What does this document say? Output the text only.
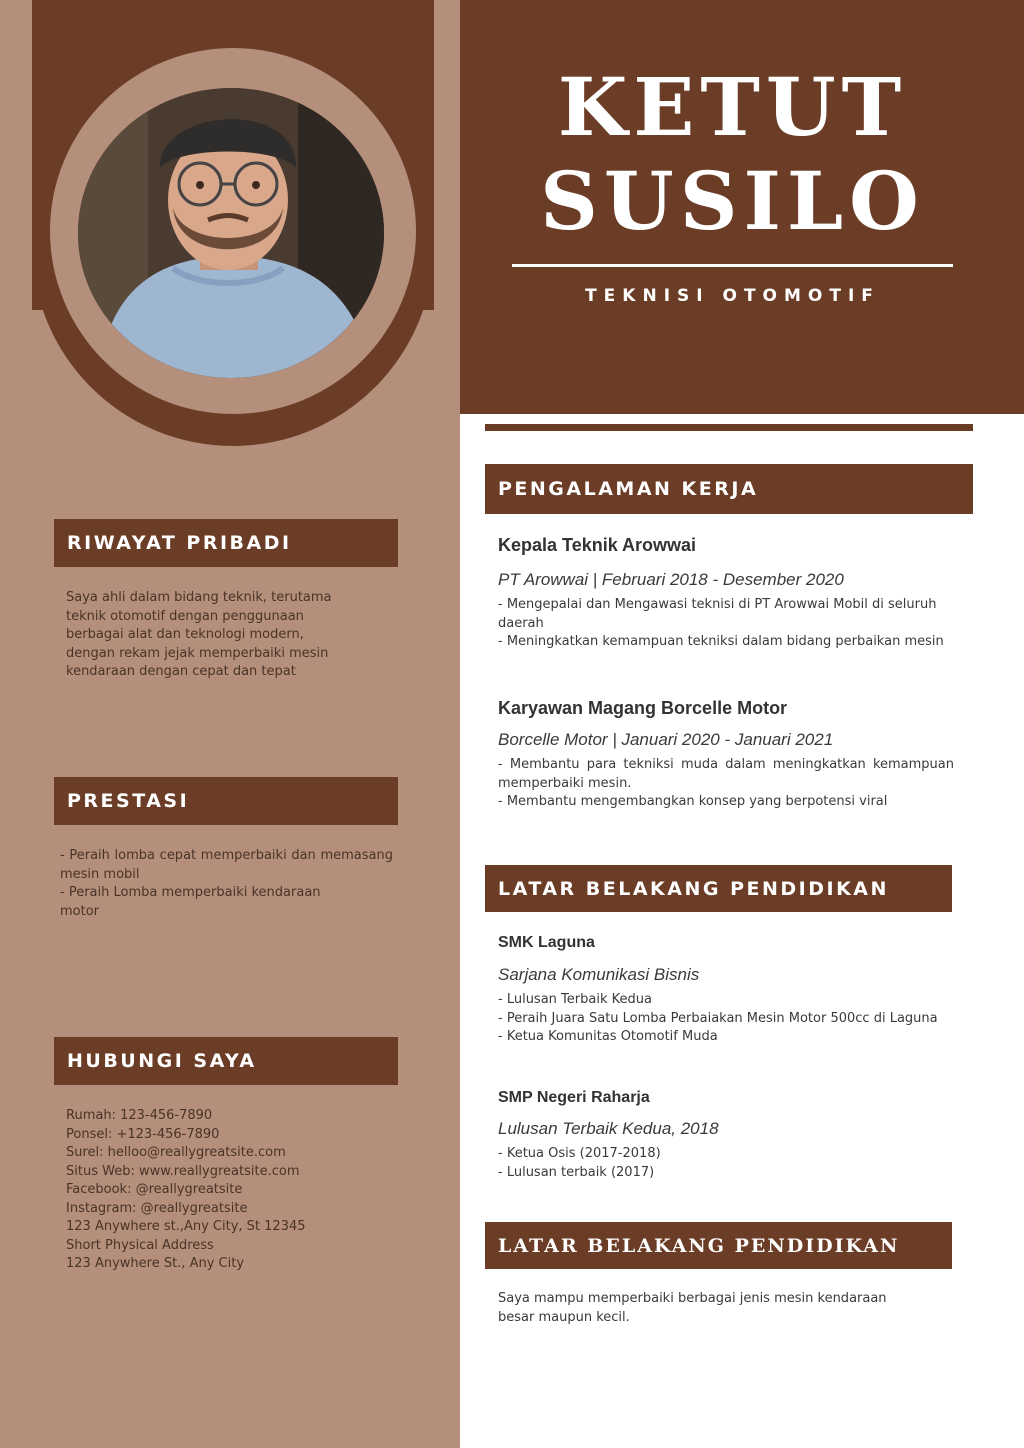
KETUT
SUSILO
TEKNISI OTOMOTIF
RIWAYAT PRIBADI

Saya ahli dalam bidang teknik, terutama

teknik otomotif dengan penggunaan

berbagai alat dan teknologi modern,

dengan rekam jejak memperbaiki mesin

kendaraan dengan cepat dan tepat

PRESTASI

- Peraih lomba cepat memperbaiki dan memasang mesin mobil

- Peraih Lomba memperbaiki kendaraan motor

HUBUNGI SAYA

Rumah: 123-456-7890

Ponsel: +123-456-7890

Surel: helloo@reallygreatsite.com

Situs Web: www.reallygreatsite.com

Facebook: @reallygreatsite

Instagram: @reallygreatsite

123 Anywhere st.,Any City, St 12345

Short Physical Address

123 Anywhere St., Any City

PENGALAMAN KERJA

Kepala Teknik Arowwai

PT Arowwai | Februari 2018 - Desember 2020

- Mengepalai dan Mengawasi teknisi di PT Arowwai Mobil di seluruh daerah

- Meningkatkan kemampuan tekniksi dalam bidang perbaikan mesin

Karyawan Magang Borcelle Motor

Borcelle Motor | Januari 2020 - Januari 2021

- Membantu para tekniksi muda dalam meningkatkan kemampuan memperbaiki mesin.

- Membantu mengembangkan konsep yang berpotensi viral

LATAR BELAKANG PENDIDIKAN

SMK Laguna

Sarjana Komunikasi Bisnis

- Lulusan Terbaik Kedua

- Peraih Juara Satu Lomba Perbaiakan Mesin Motor 500cc di Laguna

- Ketua Komunitas Otomotif Muda

SMP Negeri Raharja

Lulusan Terbaik Kedua, 2018

- Ketua Osis (2017-2018)

- Lulusan terbaik (2017)

LATAR BELAKANG PENDIDIKAN

Saya mampu memperbaiki berbagai jenis mesin kendaraan

besar maupun kecil.
